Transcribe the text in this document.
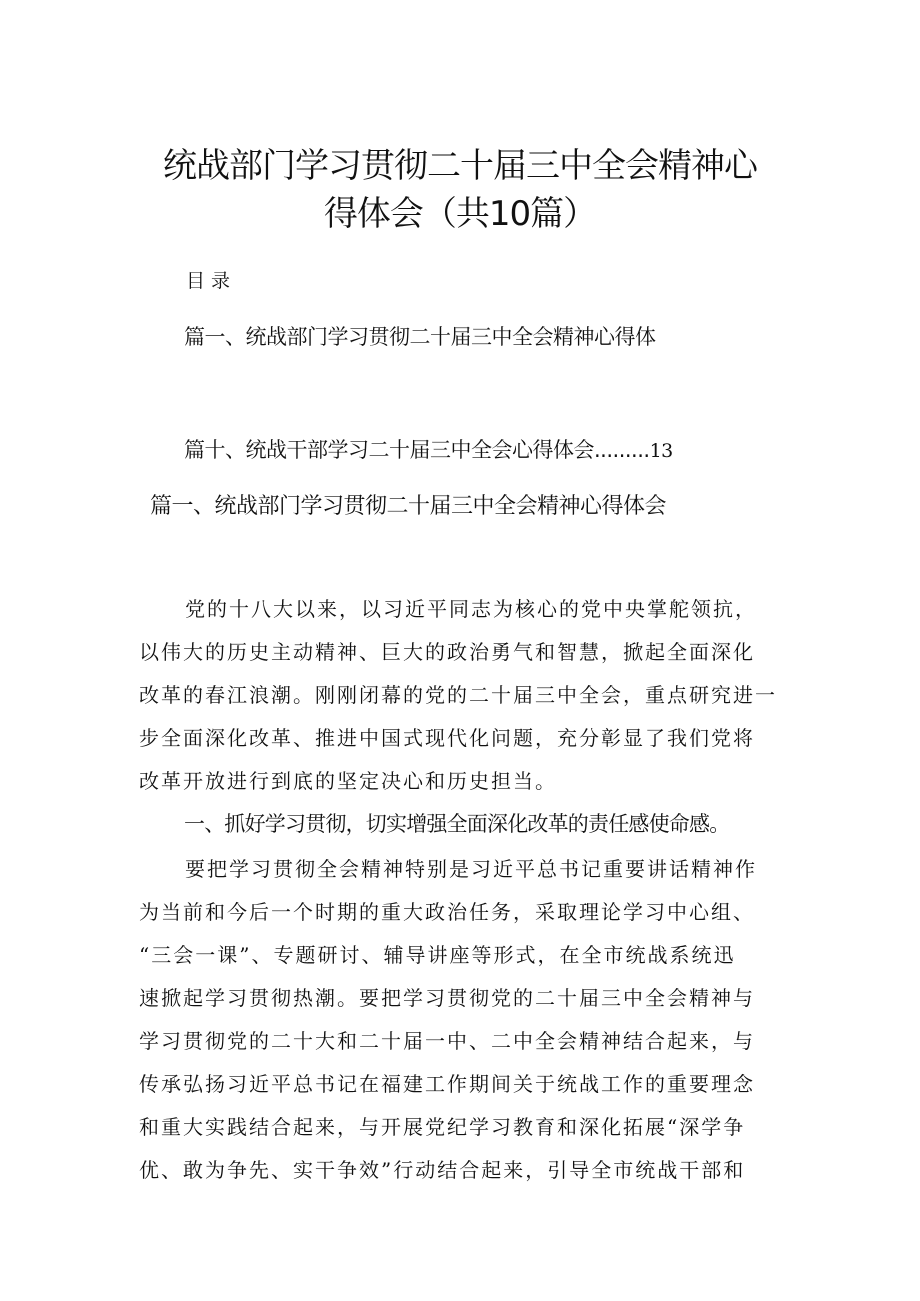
统战部门学习贯彻二十届三中全会精神心
得体会（共10篇）
目录
篇一、统战部门学习贯彻二十届三中全会精神心得体
篇十、统战干部学习二十届三中全会心得体会.........13
篇一、统战部门学习贯彻二十届三中全会精神心得体会
党的十八大以来，以习近平同志为核心的党中央掌舵领抗，
以伟大的历史主动精神、巨大的政治勇气和智慧，掀起全面深化
改革的春江浪潮。刚刚闭幕的党的二十届三中全会，重点研究进一
步全面深化改革、推进中国式现代化问题，充分彰显了我们党将
改革开放进行到底的坚定决心和历史担当。
一、抓好学习贯彻，切实增强全面深化改革的责任感使命感。
要把学习贯彻全会精神特别是习近平总书记重要讲话精神作
为当前和今后一个时期的重大政治任务，采取理论学习中心组、
“三会一课”、专题研讨、辅导讲座等形式，在全市统战系统迅
速掀起学习贯彻热潮。要把学习贯彻党的二十届三中全会精神与
学习贯彻党的二十大和二十届一中、二中全会精神结合起来，与
传承弘扬习近平总书记在福建工作期间关于统战工作的重要理念
和重大实践结合起来，与开展党纪学习教育和深化拓展“深学争
优、敢为争先、实干争效”行动结合起来，引导全市统战干部和
